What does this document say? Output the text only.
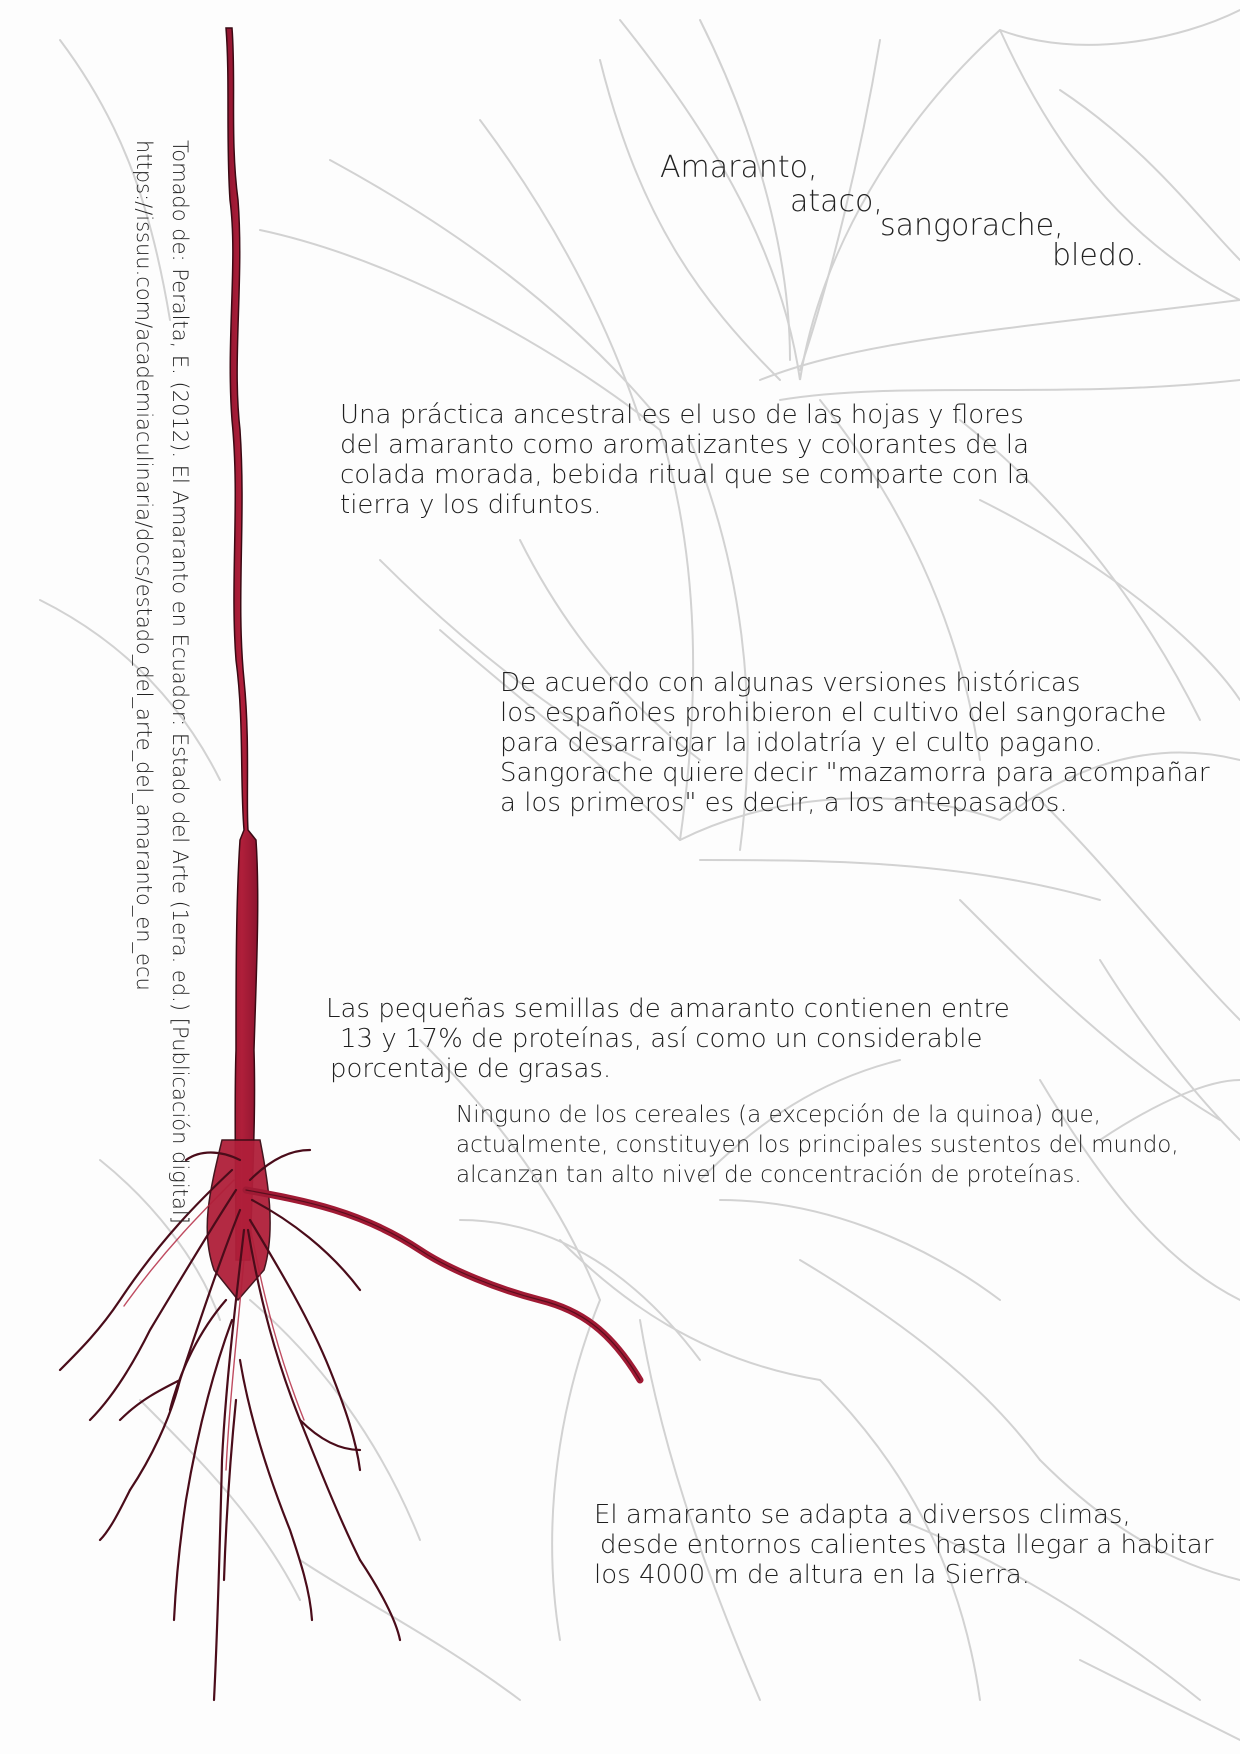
Tomado de: Peralta, E. (2012). El Amaranto en Ecuador: Estado del Arte (1era. ed.) [Publicación digital]
https://issuu.com/academiaculinaria/docs/estado_del_arte_del_amaranto_en_ecu	Amaranto,
ataco,
sangorache,
bledo.
Una práctica ancestral es el uso de las hojas y flores
del amaranto como aromatizantes y colorantes de la
colada morada, bebida ritual que se comparte con la
tierra y los difuntos.
De acuerdo con algunas versiones históricas
los españoles prohibieron el cultivo del sangorache
para desarraigar la idolatría y el culto pagano.
Sangorache quiere decir "mazamorra para acompañar
a los primeros" es decir, a los antepasados.
Las pequeñas semillas de amaranto contienen entre
13 y 17% de proteínas, así como un considerable
porcentaje de grasas.
Ninguno de los cereales (a excepción de la quinoa) que,
actualmente, constituyen los principales sustentos del mundo,
alcanzan tan alto nivel de concentración de proteínas.
El amaranto se adapta a diversos climas,
desde entornos calientes hasta llegar a habitar
los 4000 m de altura en la Sierra.
